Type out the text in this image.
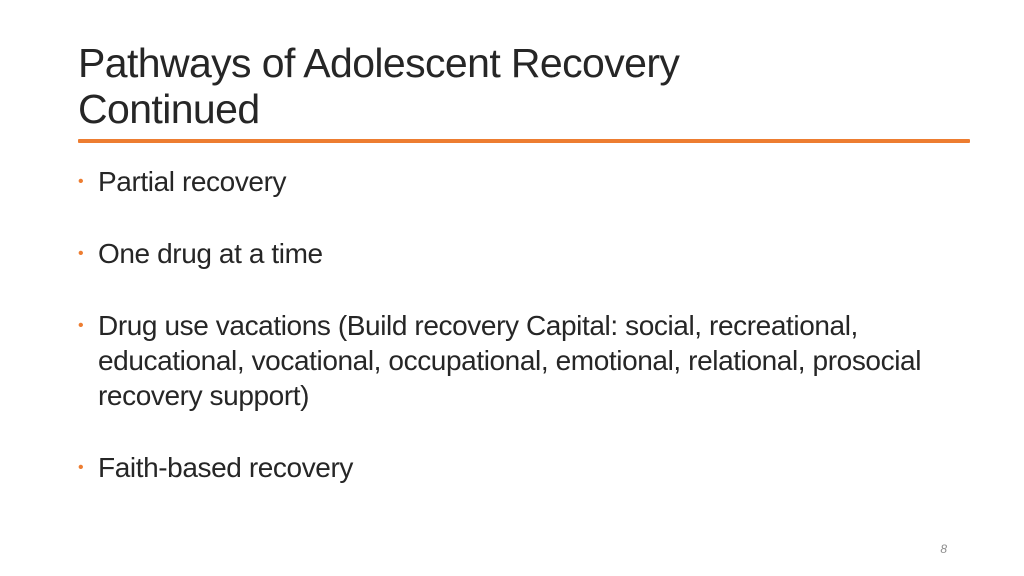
Pathways of Adolescent Recovery
Continued
• Partial recovery
• One drug at a time
• Drug use vacations (Build recovery Capital: social, recreational, educational, vocational, occupational, emotional, relational, prosocial recovery support)
• Faith-based recovery
8
